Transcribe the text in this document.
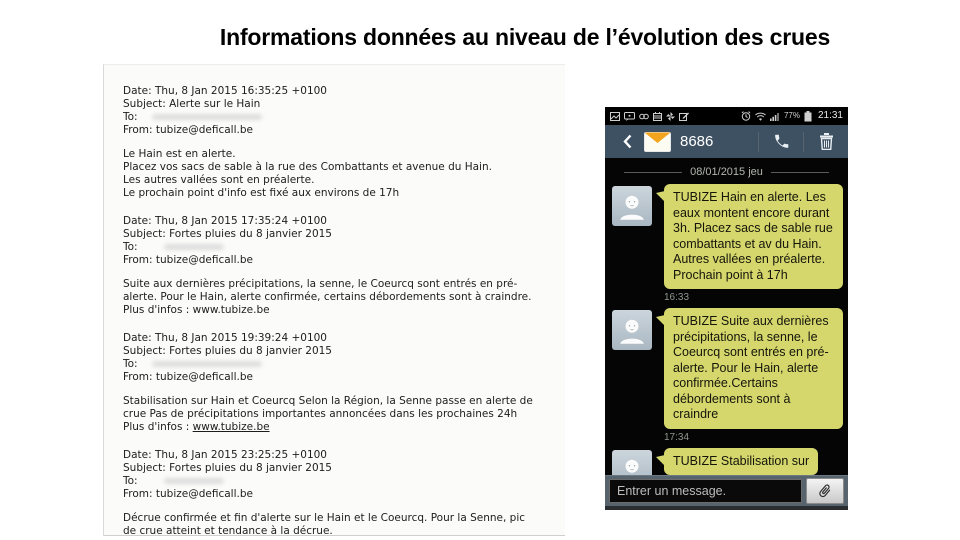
Informations données au niveau de l’évolution des crues
Date: Thu, 8 Jan 2015 16:35:25 +0100
Subject: Alerte sur le Hain
To:
From: tubize@deficall.be
Le Hain est en alerte.
Placez vos sacs de sable à la rue des Combattants et avenue du Hain.
Les autres vallées sont en préalerte.
Le prochain point d'info est fixé aux environs de 17h
Date: Thu, 8 Jan 2015 17:35:24 +0100
Subject: Fortes pluies du 8 janvier 2015
To:
From: tubize@deficall.be
Suite aux dernières précipitations, la senne, le Coeurcq sont entrés en pré-
alerte. Pour le Hain, alerte confirmée, certains débordements sont à craindre.
Plus d'infos : www.tubize.be
Date: Thu, 8 Jan 2015 19:39:24 +0100
Subject: Fortes pluies du 8 janvier 2015
To:
From: tubize@deficall.be
Stabilisation sur Hain et Coeurcq Selon la Région, la Senne passe en alerte de
crue Pas de précipitations importantes annoncées dans les prochaines 24h
Plus d'infos : www.tubize.be
Date: Thu, 8 Jan 2015 23:25:25 +0100
Subject: Fortes pluies du 8 janvier 2015
To:
From: tubize@deficall.be
Décrue confirmée et fin d'alerte sur le Hain et le Coeurcq. Pour la Senne, pic
de crue atteint et tendance à la décrue.
77% 21:31
8686
08/01/2015 jeu
TUBIZE Hain en alerte. Les eaux montent encore durant 3h. Placez sacs de sable rue combattants et av du Hain. Autres vallées en préalerte. Prochain point à 17h
16:33
TUBIZE Suite aux dernières précipitations, la senne, le Coeurcq sont entrés en pré-alerte. Pour le Hain, alerte confirmée.Certains débordements sont à craindre
17:34
TUBIZE Stabilisation sur
Entrer un message.
